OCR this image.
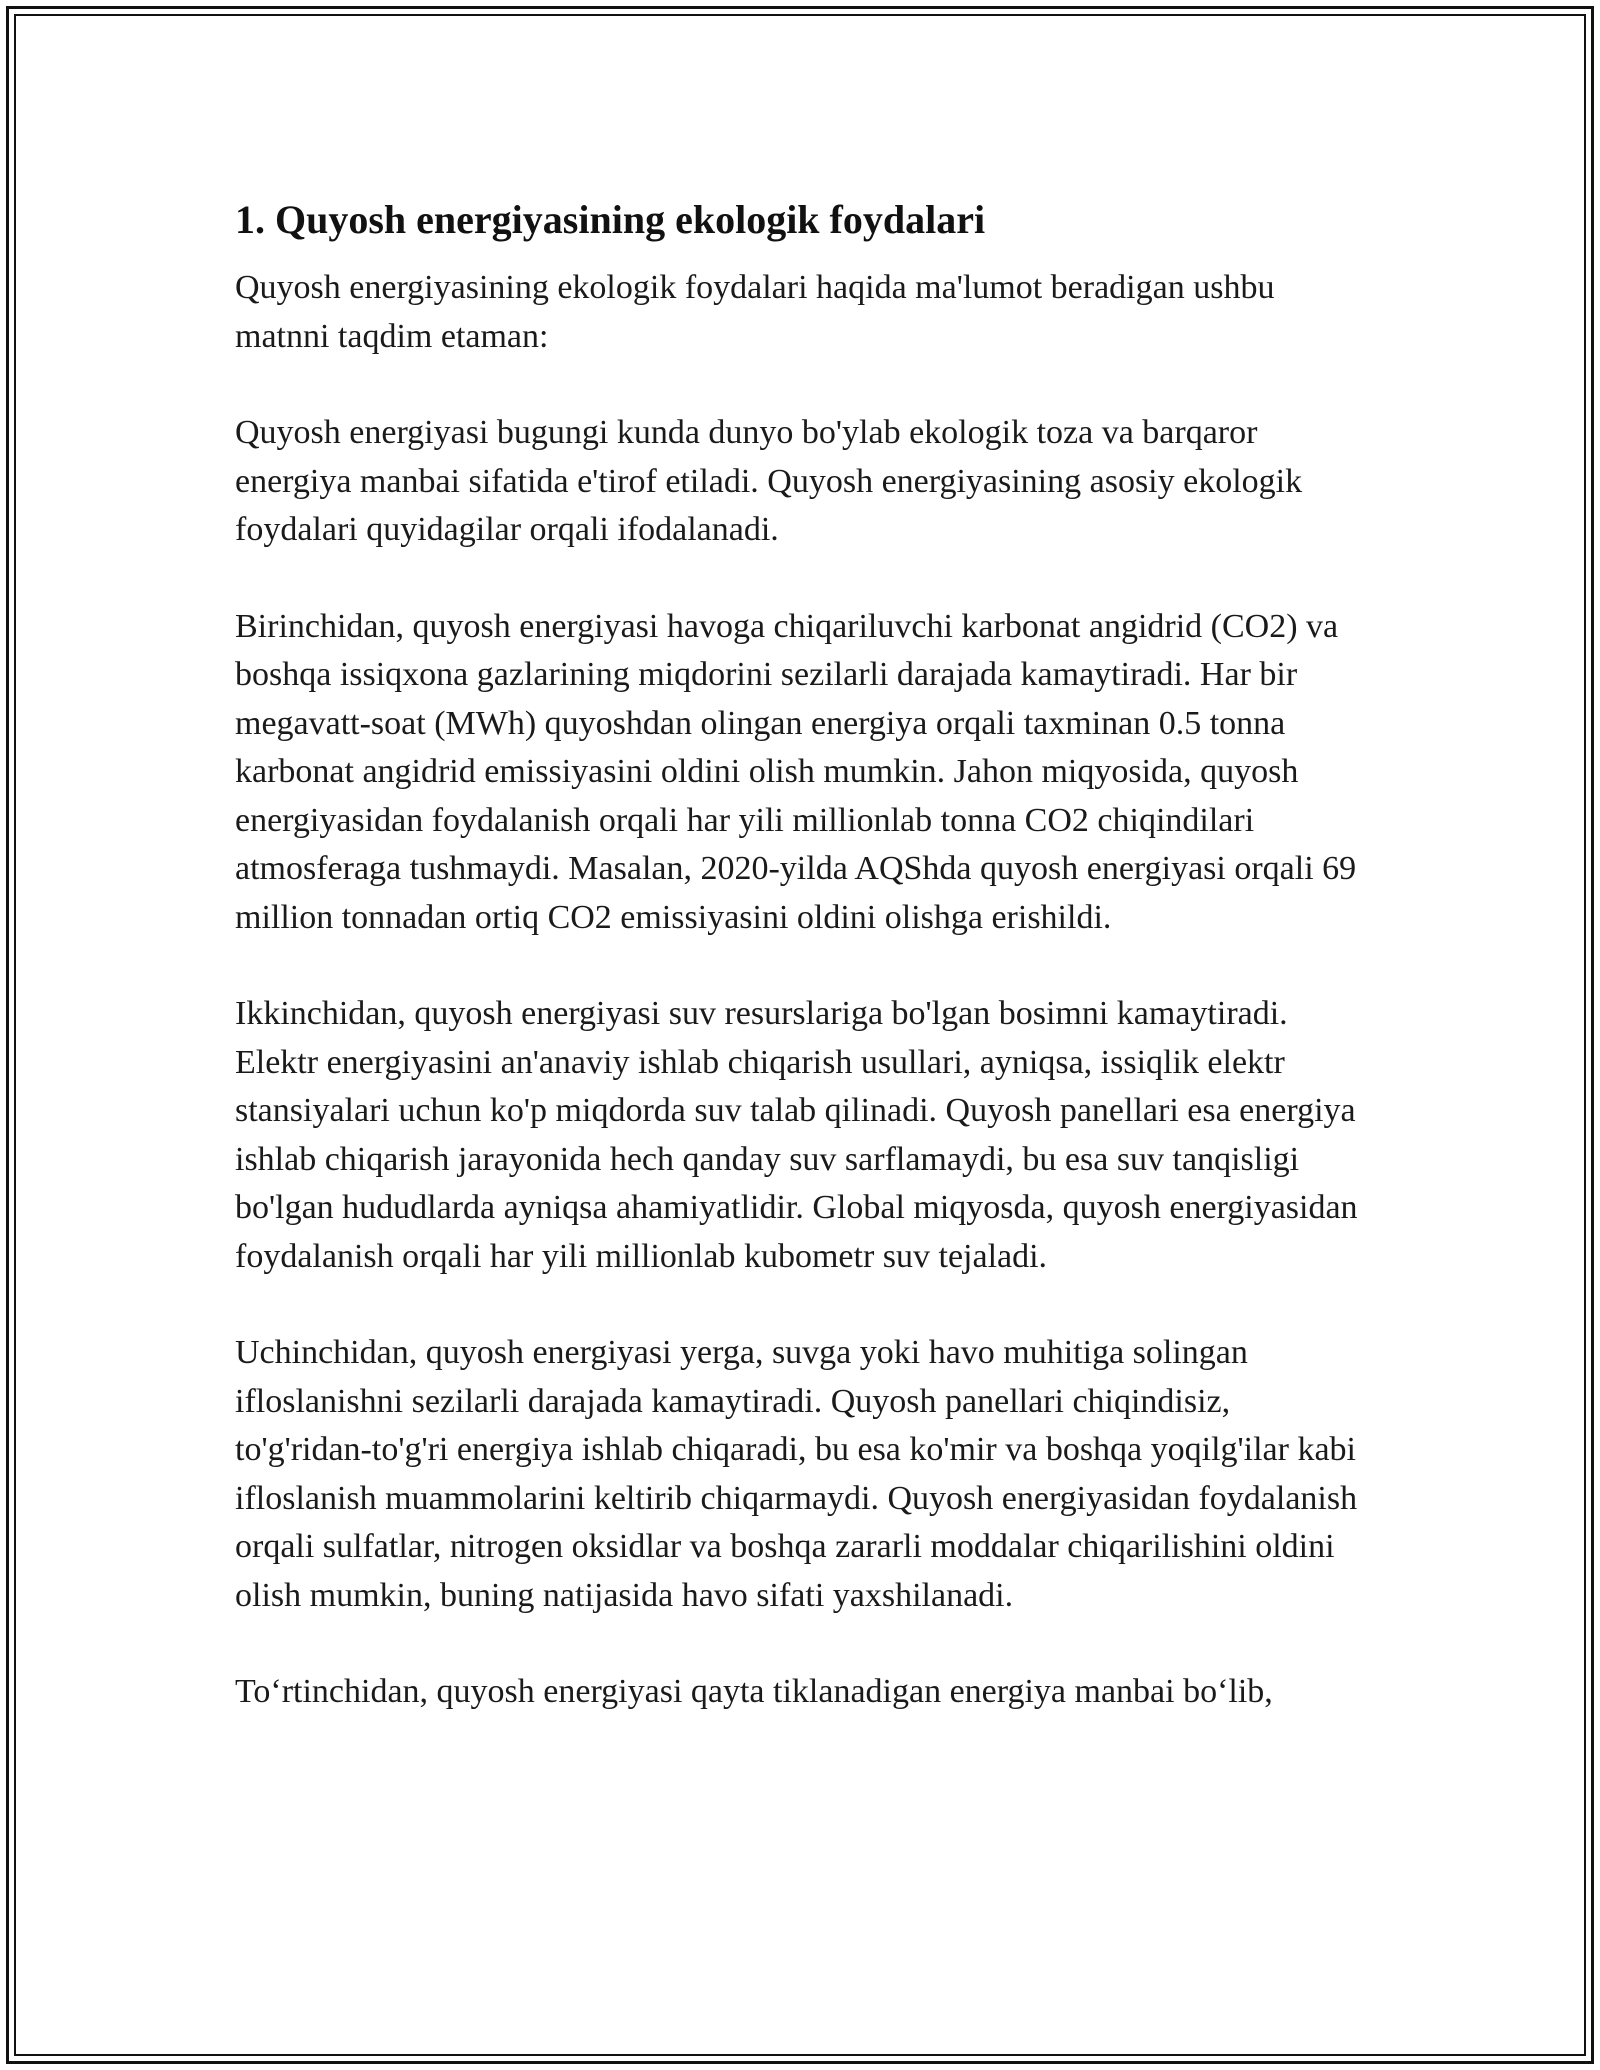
1. Quyosh energiyasining ekologik foydalari

Quyosh energiyasining ekologik foydalari haqida ma'lumot beradigan ushbu matnni taqdim etaman:

Quyosh energiyasi bugungi kunda dunyo bo'ylab ekologik toza va barqaror energiya manbai sifatida e'tirof etiladi. Quyosh energiyasining asosiy ekologik foydalari quyidagilar orqali ifodalanadi.

Birinchidan, quyosh energiyasi havoga chiqariluvchi karbonat angidrid (CO2) va boshqa issiqxona gazlarining miqdorini sezilarli darajada kamaytiradi. Har bir megavatt-soat (MWh) quyoshdan olingan energiya orqali taxminan 0.5 tonna karbonat angidrid emissiyasini oldini olish mumkin. Jahon miqyosida, quyosh energiyasidan foydalanish orqali har yili millionlab tonna CO2 chiqindilari atmosferaga tushmaydi. Masalan, 2020-yilda AQShda quyosh energiyasi orqali 69 million tonnadan ortiq CO2 emissiyasini oldini olishga erishildi.

Ikkinchidan, quyosh energiyasi suv resurslariga bo'lgan bosimni kamaytiradi. Elektr energiyasini an'anaviy ishlab chiqarish usullari, ayniqsa, issiqlik elektr stansiyalari uchun ko'p miqdorda suv talab qilinadi. Quyosh panellari esa energiya ishlab chiqarish jarayonida hech qanday suv sarflamaydi, bu esa suv tanqisligi bo'lgan hududlarda ayniqsa ahamiyatlidir. Global miqyosda, quyosh energiyasidan foydalanish orqali har yili millionlab kubometr suv tejaladi.

Uchinchidan, quyosh energiyasi yerga, suvga yoki havo muhitiga solingan ifloslanishni sezilarli darajada kamaytiradi. Quyosh panellari chiqindisiz, to'g'ridan-to'g'ri energiya ishlab chiqaradi, bu esa ko'mir va boshqa yoqilg'ilar kabi ifloslanish muammolarini keltirib chiqarmaydi. Quyosh energiyasidan foydalanish orqali sulfatlar, nitrogen oksidlar va boshqa zararli moddalar chiqarilishini oldini olish mumkin, buning natijasida havo sifati yaxshilanadi.

To‘rtinchidan, quyosh energiyasi qayta tiklanadigan energiya manbai bo‘lib,
